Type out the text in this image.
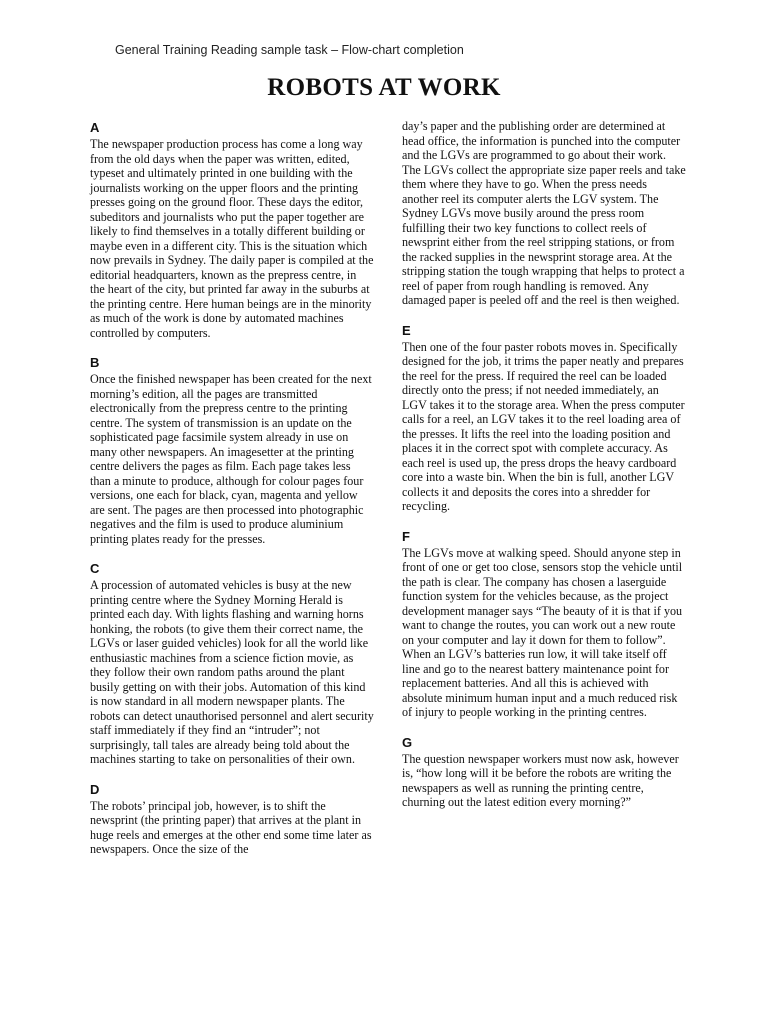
General Training Reading sample task – Flow-chart completion
ROBOTS AT WORK
A

The newspaper production process has come a long way from the old days when the paper was written, edited, typeset and ultimately printed in one building with the journalists working on the upper floors and the printing presses going on the ground floor. These days the editor, subeditors and journalists who put the paper together are likely to find themselves in a totally different building or maybe even in a different city. This is the situation which now prevails in Sydney. The daily paper is compiled at the editorial headquarters, known as the prepress centre, in the heart of the city, but printed far away in the suburbs at the printing centre. Here human beings are in the minority as much of the work is done by automated machines controlled by computers.

B

Once the finished newspaper has been created for the next morning’s edition, all the pages are transmitted electronically from the prepress centre to the printing centre. The system of transmission is an update on the sophisticated page facsimile system already in use on many other newspapers. An imagesetter at the printing centre delivers the pages as film. Each page takes less than a minute to produce, although for colour pages four versions, one each for black, cyan, magenta and yellow are sent. The pages are then processed into photographic negatives and the film is used to produce aluminium printing plates ready for the presses.

C

A procession of automated vehicles is busy at the new printing centre where the Sydney Morning Herald is printed each day. With lights flashing and warning horns honking, the robots (to give them their correct name, the LGVs or laser guided vehicles) look for all the world like enthusiastic machines from a science fiction movie, as they follow their own random paths around the plant busily getting on with their jobs. Automation of this kind is now standard in all modern newspaper plants. The robots can detect unauthorised personnel and alert security staff immediately if they find an “intruder”; not surprisingly, tall tales are already being told about the machines starting to take on personalities of their own.

D

The robots’ principal job, however, is to shift the newsprint (the printing paper) that arrives at the plant in huge reels and emerges at the other end some time later as newspapers. Once the size of the

day’s paper and the publishing order are determined at head office, the information is punched into the computer and the LGVs are programmed to go about their work. The LGVs collect the appropriate size paper reels and take them where they have to go. When the press needs another reel its computer alerts the LGV system. The Sydney LGVs move busily around the press room fulfilling their two key functions to collect reels of newsprint either from the reel stripping stations, or from the racked supplies in the newsprint storage area. At the stripping station the tough wrapping that helps to protect a reel of paper from rough handling is removed. Any damaged paper is peeled off and the reel is then weighed.

E

Then one of the four paster robots moves in. Specifically designed for the job, it trims the paper neatly and prepares the reel for the press. If required the reel can be loaded directly onto the press; if not needed immediately, an LGV takes it to the storage area. When the press computer calls for a reel, an LGV takes it to the reel loading area of the presses. It lifts the reel into the loading position and places it in the correct spot with complete accuracy. As each reel is used up, the press drops the heavy cardboard core into a waste bin. When the bin is full, another LGV collects it and deposits the cores into a shredder for recycling.

F

The LGVs move at walking speed. Should anyone step in front of one or get too close, sensors stop the vehicle until the path is clear. The company has chosen a laserguide function system for the vehicles because, as the project development manager says “The beauty of it is that if you want to change the routes, you can work out a new route on your computer and lay it down for them to follow”. When an LGV’s batteries run low, it will take itself off line and go to the nearest battery maintenance point for replacement batteries. And all this is achieved with absolute minimum human input and a much reduced risk of injury to people working in the printing centres.

G

The question newspaper workers must now ask, however is, “how long will it be before the robots are writing the newspapers as well as running the printing centre, churning out the latest edition every morning?”
